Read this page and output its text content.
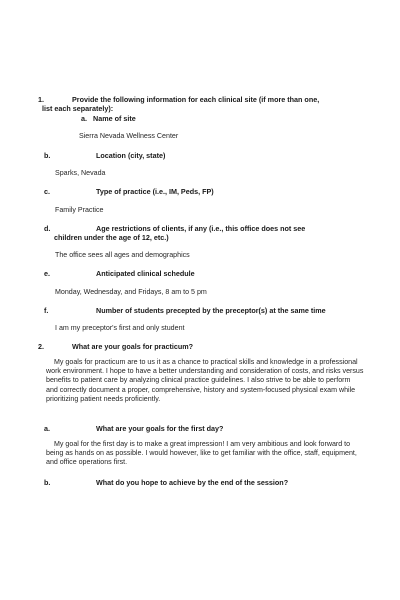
1.	Provide the following information for each clinical site (if more than one,
list each separately):
a. Name of site
Sierra Nevada Wellness Center
b.	Location (city, state)
Sparks, Nevada
c.	Type of practice (i.e., IM, Peds, FP)
Family Practice
d.	Age restrictions of clients, if any (i.e., this office does not see
children under the age of 12, etc.)
The office sees all ages and demographics
e.	Anticipated clinical schedule
Monday, Wednesday, and Fridays, 8 am to 5 pm
f.	Number of students precepted by the preceptor(s) at the same time
I am my preceptor's first and only student
2.	What are your goals for practicum?
My goals for practicum are to us it as a chance to practical skills and knowledge in a professional work environment. I hope to have a better understanding and consideration of costs, and risks versus benefits to patient care by analyzing clinical practice guidelines. I also strive to be able to perform and correctly document a proper, comprehensive, history and system-focused physical exam while prioritizing patient needs proficiently.
a.	What are your goals for the first day?
My goal for the first day is to make a great impression! I am very ambitious and look forward to being as hands on as possible. I would however, like to get familiar with the office, staff, equipment, and office operations first.
b.	What do you hope to achieve by the end of the session?
